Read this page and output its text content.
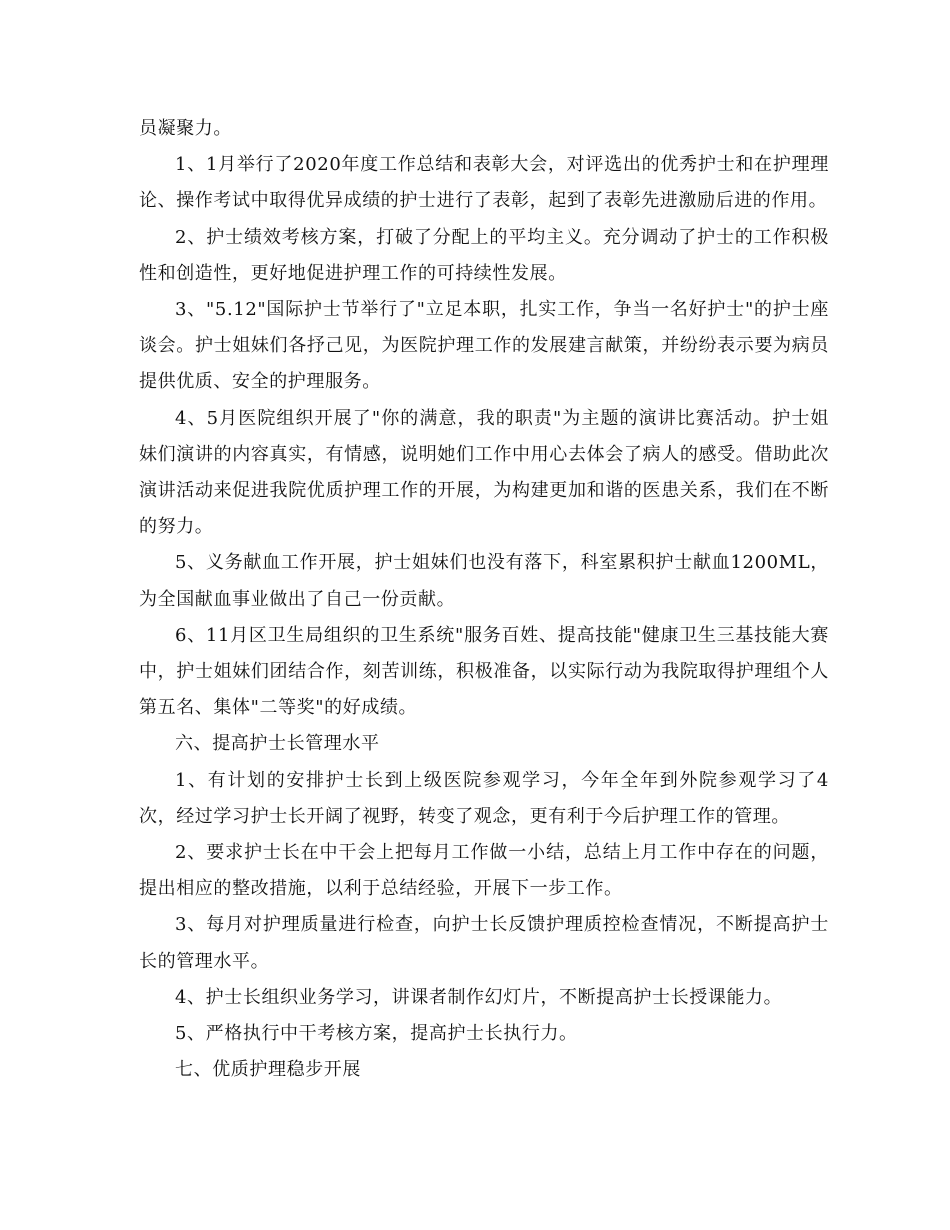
员凝聚力。

1、1月举行了2020年度工作总结和表彰大会，对评选出的优秀护士和在护理理论、操作考试中取得优异成绩的护士进行了表彰，起到了表彰先进激励后进的作用。

2、护士绩效考核方案，打破了分配上的平均主义。充分调动了护士的工作积极性和创造性，更好地促进护理工作的可持续性发展。

3、"5.12"国际护士节举行了"立足本职，扎实工作，争当一名好护士"的护士座谈会。护士姐妹们各抒己见，为医院护理工作的发展建言献策，并纷纷表示要为病员提供优质、安全的护理服务。

4、5月医院组织开展了"你的满意，我的职责"为主题的演讲比赛活动。护士姐妹们演讲的内容真实，有情感，说明她们工作中用心去体会了病人的感受。借助此次演讲活动来促进我院优质护理工作的开展，为构建更加和谐的医患关系，我们在不断的努力。

5、义务献血工作开展，护士姐妹们也没有落下，科室累积护士献血1200ML，为全国献血事业做出了自己一份贡献。

6、11月区卫生局组织的卫生系统"服务百姓、提高技能"健康卫生三基技能大赛中，护士姐妹们团结合作，刻苦训练，积极准备，以实际行动为我院取得护理组个人第五名、集体"二等奖"的好成绩。

六、提高护士长管理水平

1、有计划的安排护士长到上级医院参观学习，今年全年到外院参观学习了4次，经过学习护士长开阔了视野，转变了观念，更有利于今后护理工作的管理。

2、要求护士长在中干会上把每月工作做一小结，总结上月工作中存在的问题，提出相应的整改措施，以利于总结经验，开展下一步工作。

3、每月对护理质量进行检查，向护士长反馈护理质控检查情况，不断提高护士长的管理水平。

4、护士长组织业务学习，讲课者制作幻灯片，不断提高护士长授课能力。

5、严格执行中干考核方案，提高护士长执行力。

七、优质护理稳步开展
